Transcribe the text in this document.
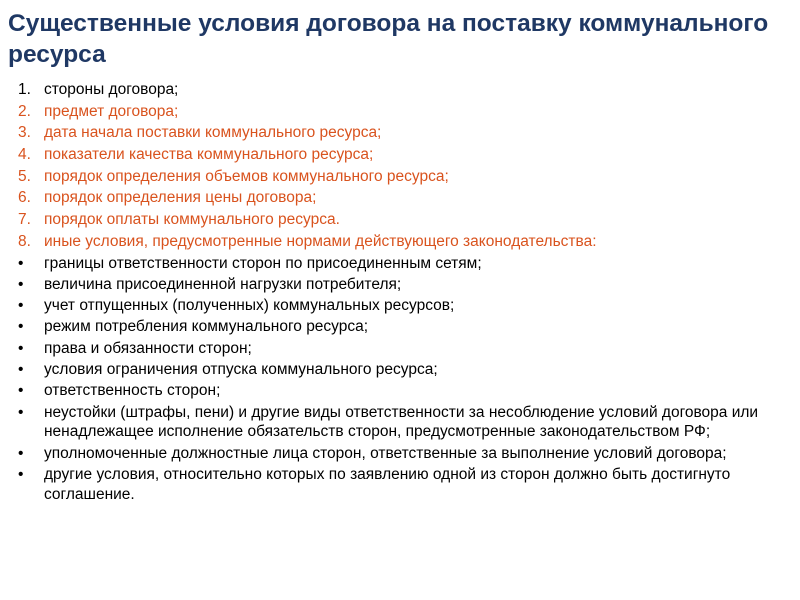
Существенные условия договора на поставку коммунального ресурса
1. стороны договора;
2. предмет договора;
3. дата начала поставки коммунального ресурса;
4. показатели качества коммунального ресурса;
5. порядок определения объемов коммунального ресурса;
6. порядок определения цены договора;
7. порядок оплаты коммунального ресурса.
8. иные условия, предусмотренные нормами действующего законодательства:
• границы ответственности сторон по присоединенным сетям;
• величина присоединенной нагрузки потребителя;
• учет отпущенных (полученных) коммунальных ресурсов;
• режим потребления коммунального ресурса;
• права и обязанности сторон;
• условия ограничения отпуска коммунального ресурса;
• ответственность сторон;
• неустойки (штрафы, пени) и другие виды ответственности за несоблюдение условий договора или ненадлежащее исполнение обязательств сторон, предусмотренные законодательством РФ;
• уполномоченные должностные лица сторон, ответственные за выполнение условий договора;
• другие условия, относительно которых по заявлению одной из сторон должно быть достигнуто соглашение.
